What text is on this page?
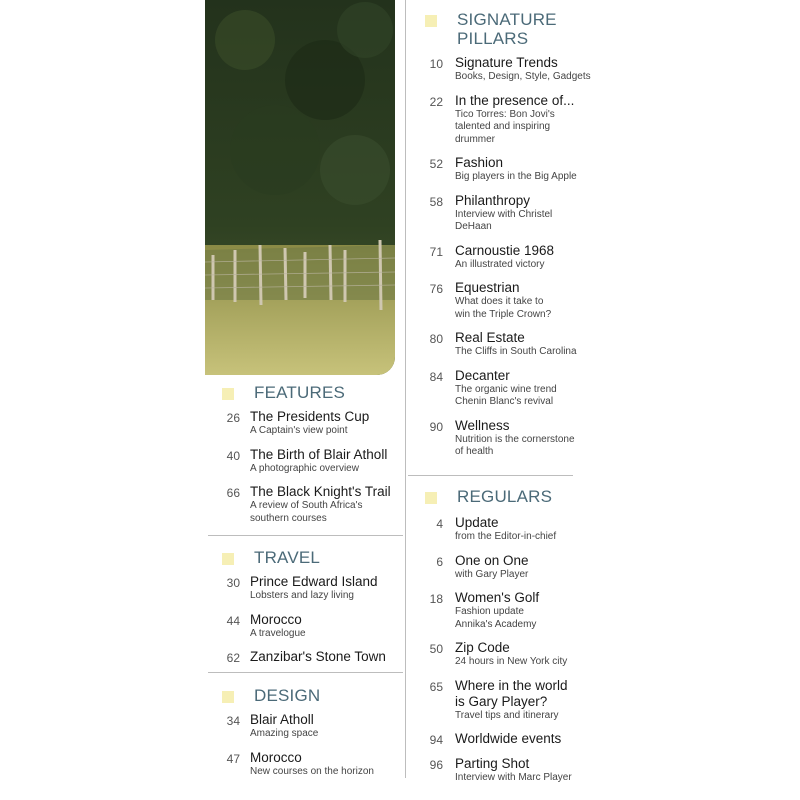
SIGNATURE
PILLARS
10 Signature Trends
Books, Design, Style, Gadgets
22 In the presence of...
Tico Torres: Bon Jovi's
talented and inspiring
drummer
52 Fashion
Big players in the Big Apple
58 Philanthropy
Interview with Christel
DeHaan
71 Carnoustie 1968
An illustrated victory
76 Equestrian
What does it take to
win the Triple Crown?
80 Real Estate
The Cliffs in South Carolina
84 Decanter
The organic wine trend
Chenin Blanc's revival
90 Wellness
Nutrition is the cornerstone
of health
REGULARS
4 Update
from the Editor-in-chief
6 One on One
with Gary Player
18 Women's Golf
Fashion update
Annika's Academy
50 Zip Code
24 hours in New York city
65 Where in the world is Gary Player?
Travel tips and itinerary
94 Worldwide events
96 Parting Shot
Interview with Marc Player
FEATURES
26 The Presidents Cup
A Captain's view point
40 The Birth of Blair Atholl
A photographic overview
66 The Black Knight's Trail
A review of South Africa's
southern courses
TRAVEL
30 Prince Edward Island
Lobsters and lazy living
44 Morocco
A travelogue
62 Zanzibar's Stone Town
DESIGN
34 Blair Atholl
Amazing space
47 Morocco
New courses on the horizon
